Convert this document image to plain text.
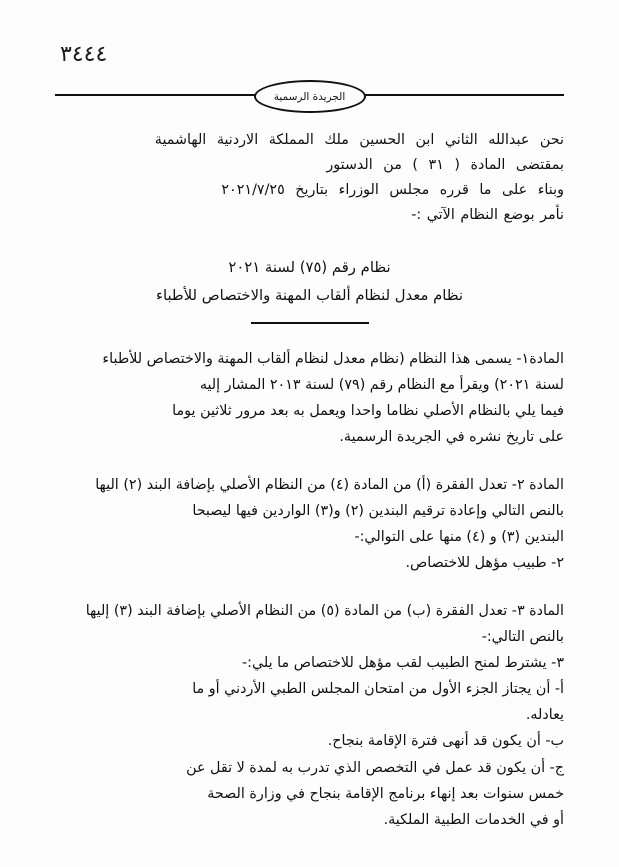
٣٤٤٤
الجريدة الرسمية

نحن عبدالله الثاني ابن الحسين ملك المملكة الاردنية الهاشمية

بمقتضى المادة ( ٣١ ) من الدستور

وبناء على ما قرره مجلس الوزراء بتاريخ ٢٠٢١/٧/٢٥

نأمر بوضع النظام الآتي :-

نظام رقم (٧٥) لسنة ٢٠٢١
نظام معدل لنظام ألقاب المهنة والاختصاص للأطباء

المادة١- يسمى هذا النظام (نظام معدل لنظام ألقاب المهنة والاختصاص للأطباء

لسنة ٢٠٢١) ويقرأ مع النظام رقم (٧٩) لسنة ٢٠١٣ المشار إليه

فيما يلي بالنظام الأصلي نظاما واحدا ويعمل به بعد مرور ثلاثين يوما

على تاريخ نشره في الجريدة الرسمية.

المادة ٢- تعدل الفقرة (أ) من المادة (٤) من النظام الأصلي بإضافة البند (٢) اليها

بالنص التالي وإعادة ترقيم البندين (٢) و(٣) الواردين فيها ليصبحا

البندين (٣) و (٤) منها على التوالي:-

٢- طبيب مؤهل للاختصاص.

المادة ٣- تعدل الفقرة (ب) من المادة (٥) من النظام الأصلي بإضافة البند (٣) إليها

بالنص التالي:-

٣- يشترط لمنح الطبيب لقب مؤهل للاختصاص ما يلي:-

أ- أن يجتاز الجزء الأول من امتحان المجلس الطبي الأردني أو ما

يعادله.

ب- أن يكون قد أنهى فترة الإقامة بنجاح.

ج- أن يكون قد عمل في التخصص الذي تدرب به لمدة لا تقل عن

خمس سنوات بعد إنهاء برنامج الإقامة بنجاح في وزارة الصحة

أو في الخدمات الطبية الملكية.
